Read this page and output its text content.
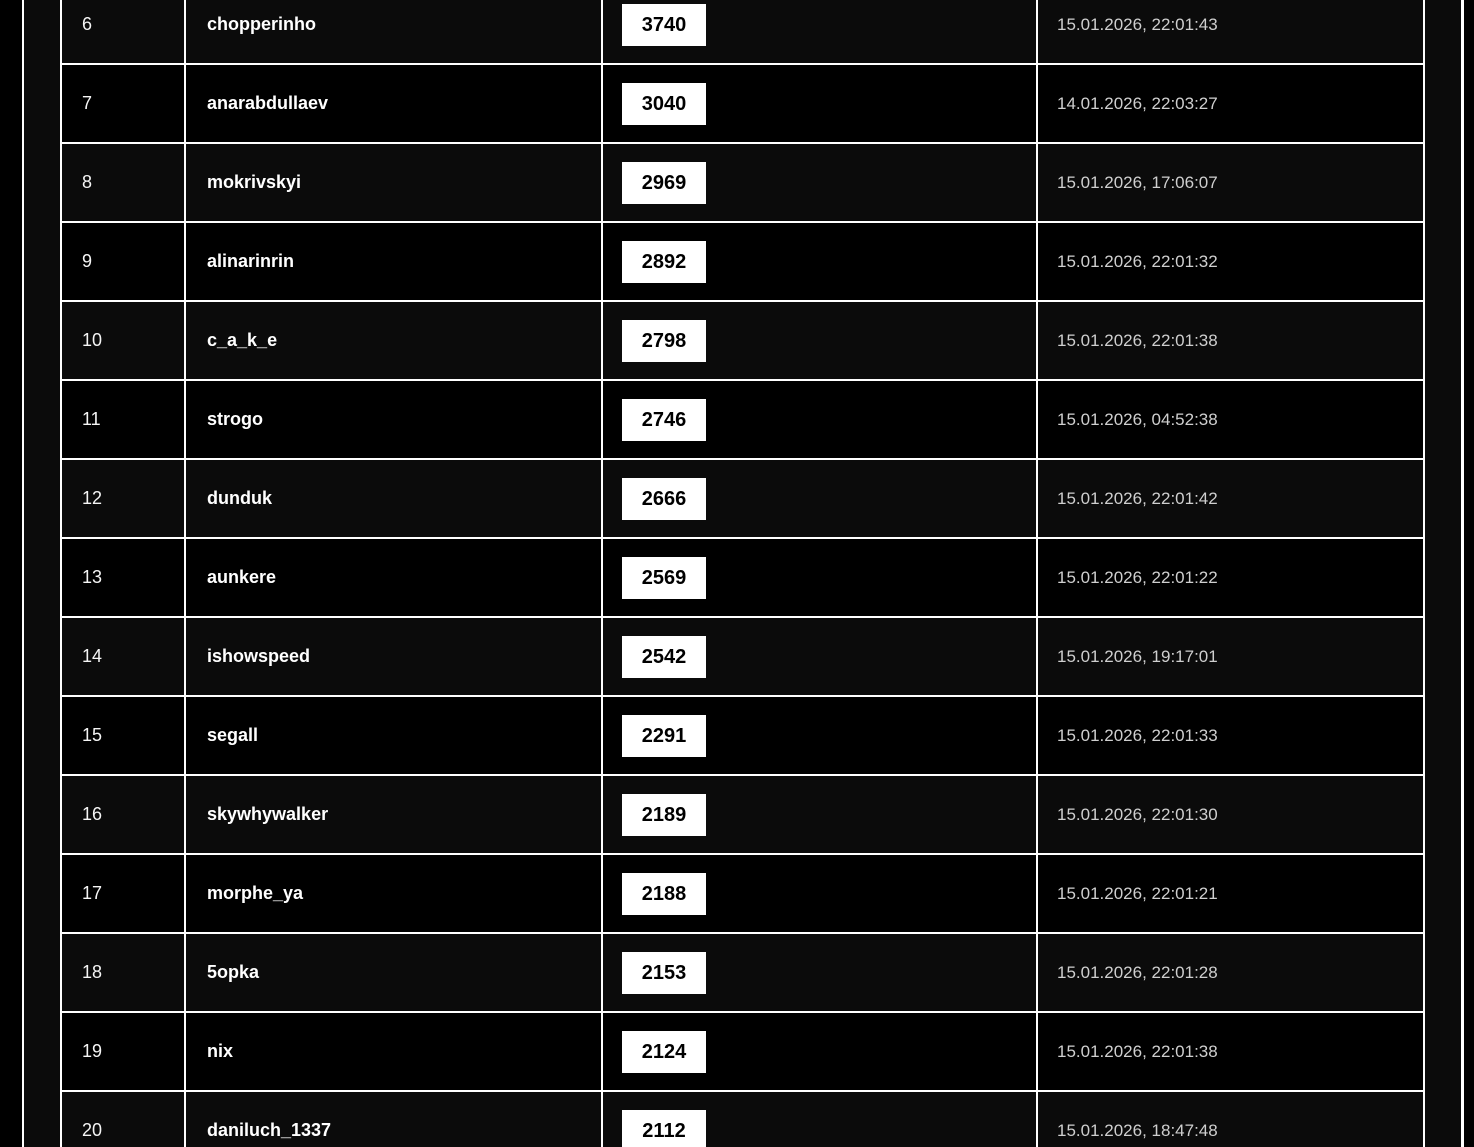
6	chopperinho	3740	15.01.2026, 22:01:43
7	anarabdullaev	3040	14.01.2026, 22:03:27
8	mokrivskyi	2969	15.01.2026, 17:06:07
9	alinarinrin	2892	15.01.2026, 22:01:32
10	c_a_k_e	2798	15.01.2026, 22:01:38
11	strogo	2746	15.01.2026, 04:52:38
12	dunduk	2666	15.01.2026, 22:01:42
13	aunkere	2569	15.01.2026, 22:01:22
14	ishowspeed	2542	15.01.2026, 19:17:01
15	segall	2291	15.01.2026, 22:01:33
16	skywhywalker	2189	15.01.2026, 22:01:30
17	morphe_ya	2188	15.01.2026, 22:01:21
18	5opka	2153	15.01.2026, 22:01:28
19	nix	2124	15.01.2026, 22:01:38
20	daniluch_1337	2112	15.01.2026, 18:47:48
